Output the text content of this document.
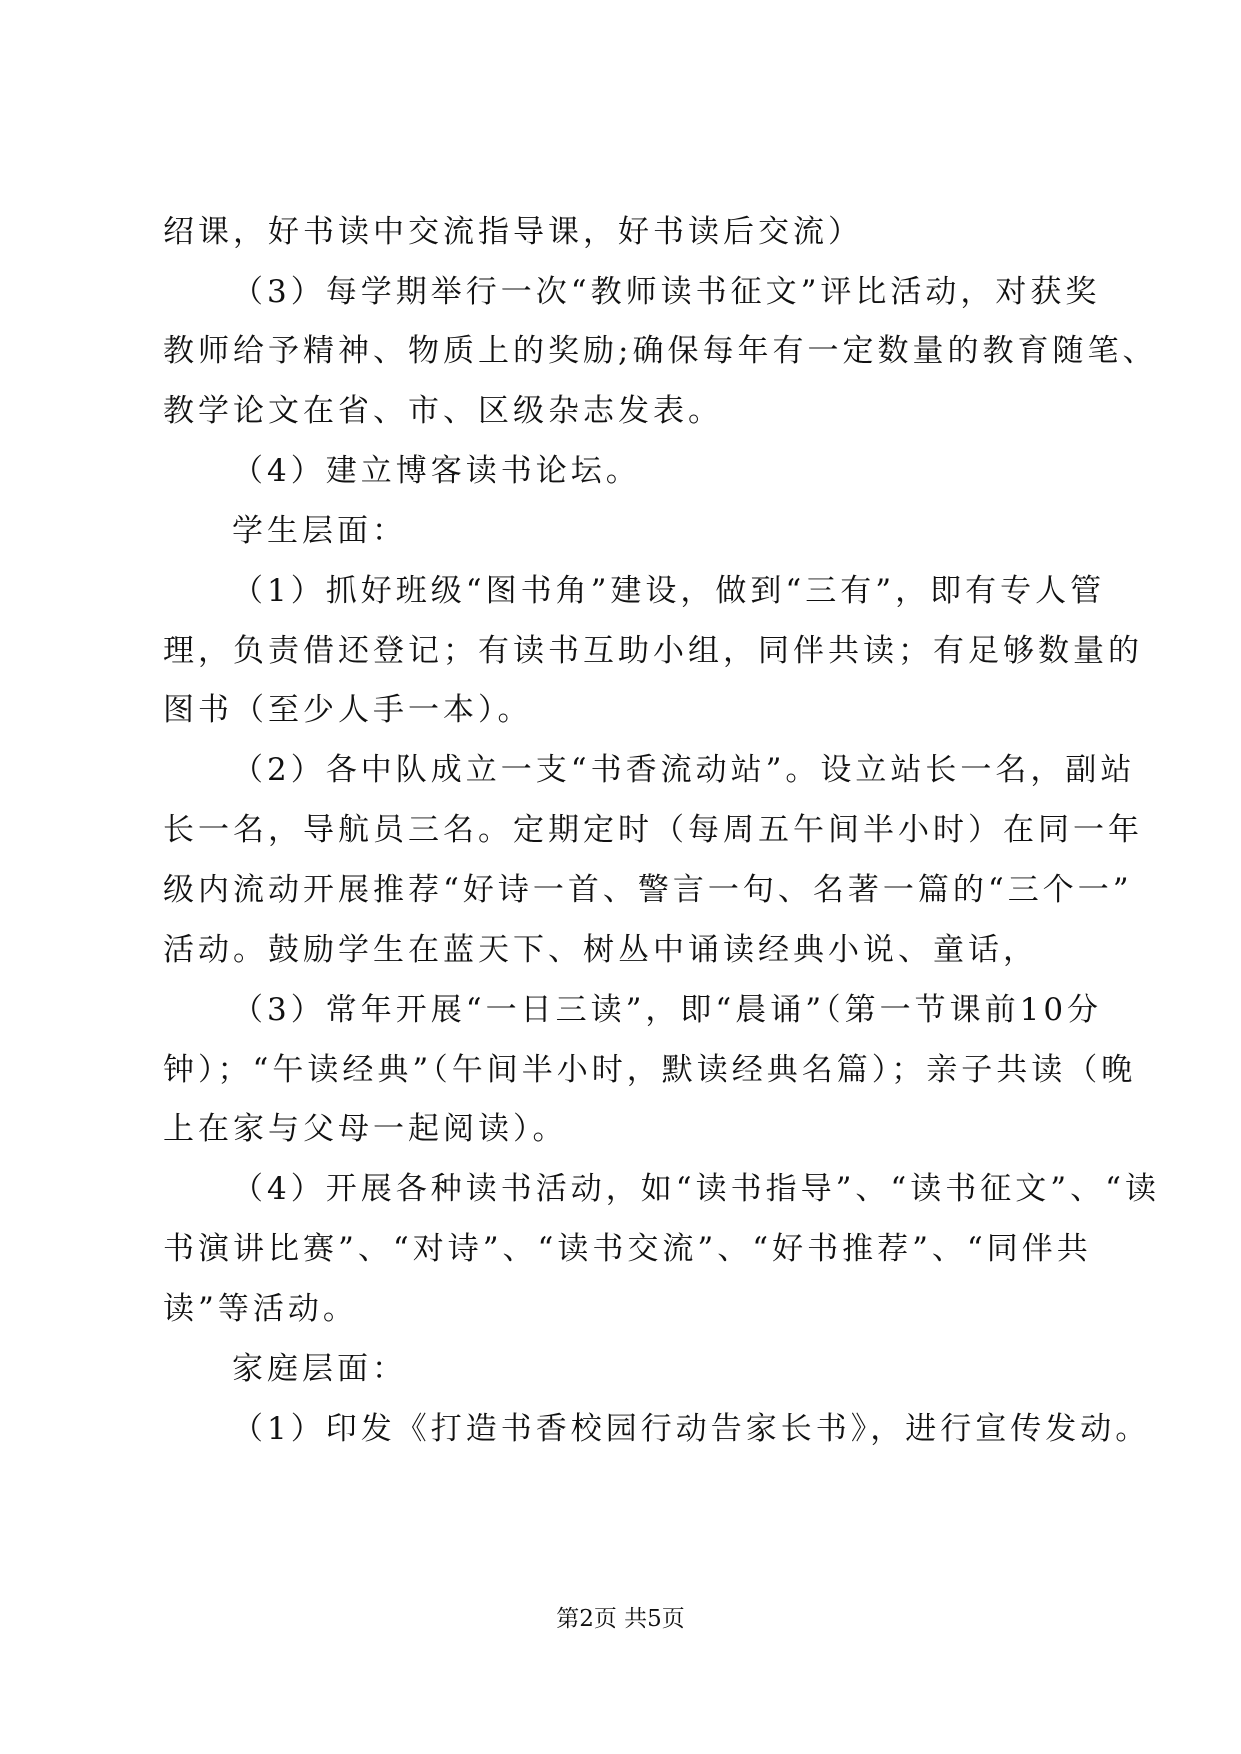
绍课，好书读中交流指导课，好书读后交流）
（3）每学期举行一次“教师读书征文”评比活动，对获奖
教师给予精神、物质上的奖励;确保每年有一定数量的教育随笔、
教学论文在省、市、区级杂志发表。
（4）建立博客读书论坛。
学生层面：
（1）抓好班级“图书角”建设，做到“三有”，即有专人管
理，负责借还登记；有读书互助小组，同伴共读；有足够数量的
图书（至少人手一本）。
（2）各中队成立一支“书香流动站”。设立站长一名，副站
长一名，导航员三名。定期定时（每周五午间半小时）在同一年
级内流动开展推荐“好诗一首、警言一句、名著一篇的“三个一”
活动。鼓励学生在蓝天下、树丛中诵读经典小说、童话，
（3）常年开展“一日三读”，即“晨诵”（第一节课前10分
钟）；“午读经典”（午间半小时，默读经典名篇）；亲子共读（晚
上在家与父母一起阅读）。
（4）开展各种读书活动，如“读书指导”、“读书征文”、“读
书演讲比赛”、“对诗”、“读书交流”、“好书推荐”、“同伴共
读”等活动。
家庭层面：
（1）印发《打造书香校园行动告家长书》，进行宣传发动。
第2页 共5页
